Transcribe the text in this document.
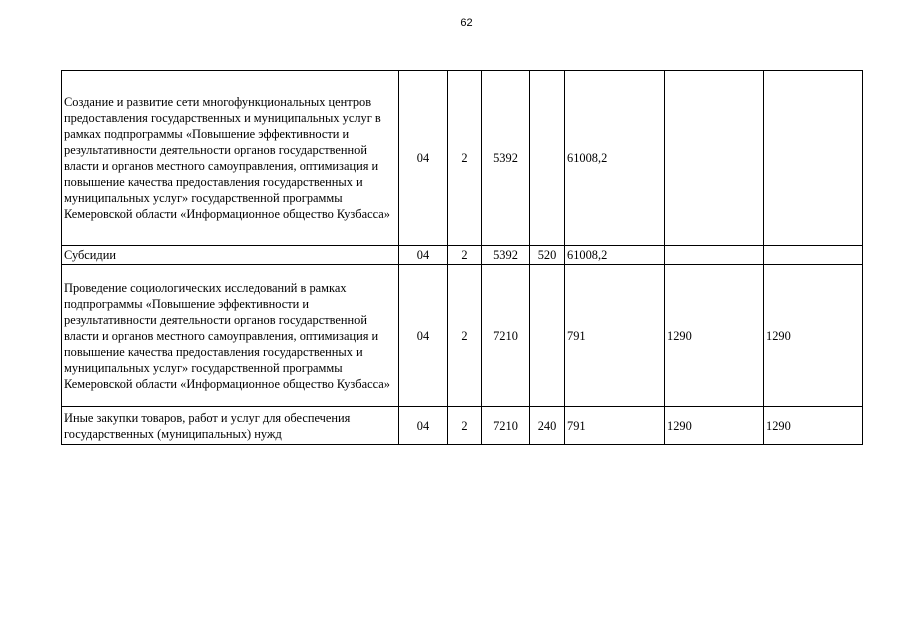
62
Создание и развитие сети многофункциональных центров предоставления государственных и муниципальных услуг в рамках подпрограммы «Повышение эффективности и результативности деятельности органов государственной власти и органов местного самоуправления, оптимизация и повышение качества предоставления государственных и муниципальных услуг» государственной программы Кемеровской области «Информационное общество Кузбасса»	04	2	5392		61008,2		
Субсидии	04	2	5392	520	61008,2		
Проведение социологических исследований в рамках подпрограммы «Повышение эффективности и результативности деятельности органов государственной власти и органов местного самоуправления, оптимизация и повышение качества предоставления государственных и муниципальных услуг» государственной программы Кемеровской области «Информационное общество Кузбасса»	04	2	7210		791	1290	1290
Иные закупки товаров, работ и услуг для обеспечения государственных (муниципальных) нужд	04	2	7210	240	791	1290	1290
